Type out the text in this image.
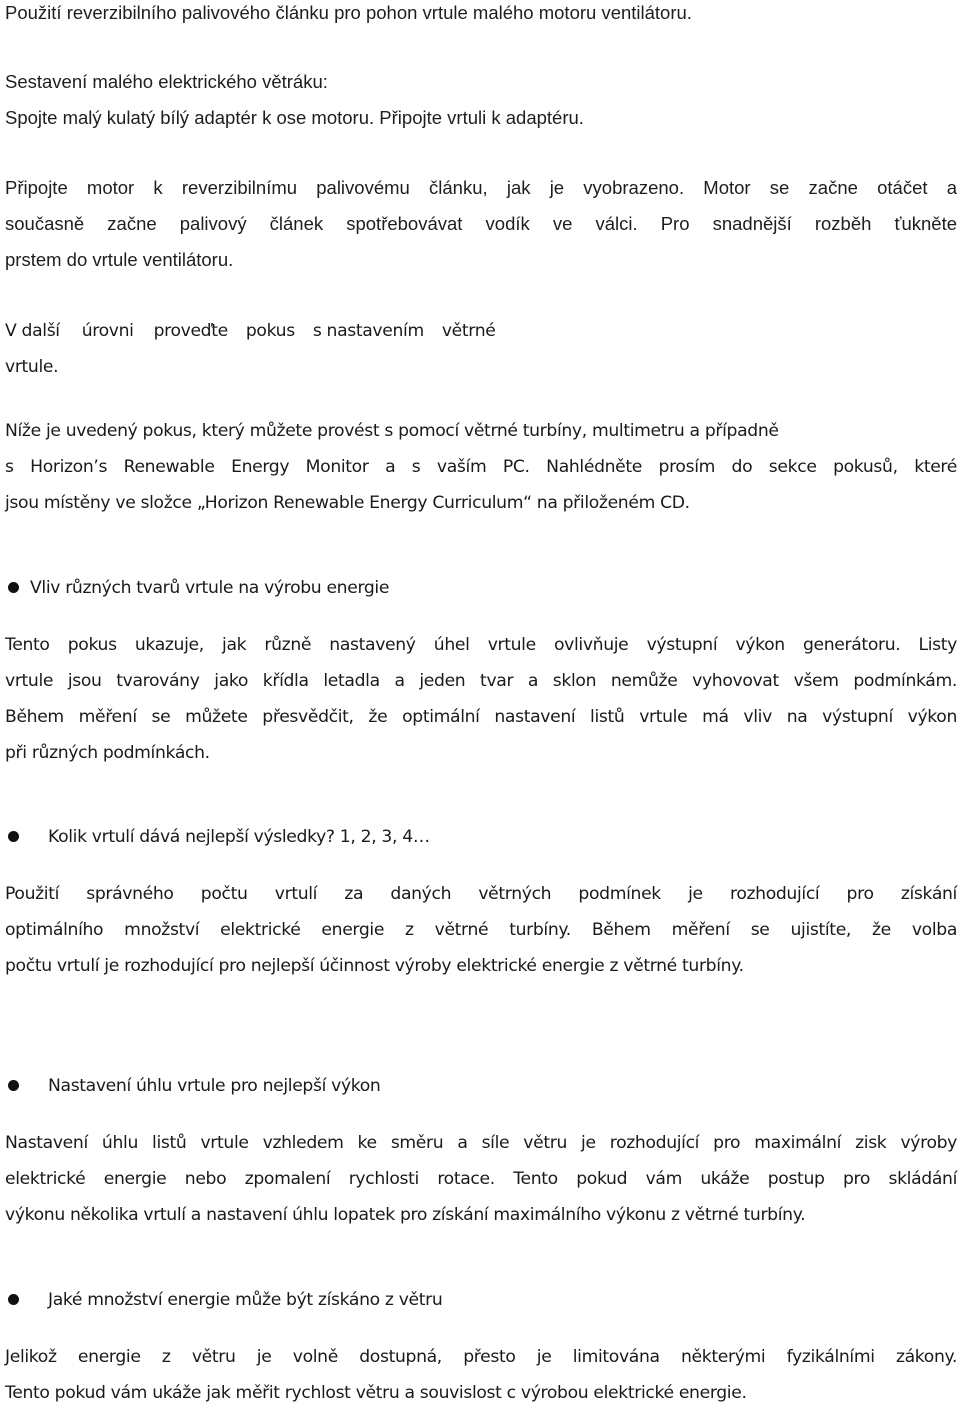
Použití reverzibilního palivového článku pro pohon vrtule malého motoru ventilátoru.
Sestavení malého elektrického větráku:
Spojte malý kulatý bílý adaptér k ose motoru. Připojte vrtuli k adaptéru.
Připojte motor k reverzibilnímu palivovému článku, jak je vyobrazeno. Motor se začne otáčet a
současně začne palivový článek spotřebovávat vodík ve válci. Pro snadnější rozběh ťukněte
prstem do vrtule ventilátoru.
V další úrovni proveďte pokus s nastavením větrné
vrtule.
Níže je uvedený pokus, který můžete provést s pomocí větrné turbíny, multimetru a případně
s Horizon’s Renewable Energy Monitor a s vaším PC. Nahlédněte prosím do sekce pokusů, které
jsou místěny ve složce „Horizon Renewable Energy Curriculum“ na přiloženém CD.
Vliv různých tvarů vrtule na výrobu energie
Tento pokus ukazuje, jak různě nastavený úhel vrtule ovlivňuje výstupní výkon generátoru. Listy
vrtule jsou tvarovány jako křídla letadla a jeden tvar a sklon nemůže vyhovovat všem podmínkám.
Během měření se můžete přesvědčit, že optimální nastavení listů vrtule má vliv na výstupní výkon
při různých podmínkách.
Kolik vrtulí dává nejlepší výsledky? 1, 2, 3, 4…
Použití správného počtu vrtulí za daných větrných podmínek je rozhodující pro získání
optimálního množství elektrické energie z větrné turbíny. Během měření se ujistíte, že volba
počtu vrtulí je rozhodující pro nejlepší účinnost výroby elektrické energie z větrné turbíny.
Nastavení úhlu vrtule pro nejlepší výkon
Nastavení úhlu listů vrtule vzhledem ke směru a síle větru je rozhodující pro maximální zisk výroby
elektrické energie nebo zpomalení rychlosti rotace. Tento pokud vám ukáže postup pro skládání
výkonu několika vrtulí a nastavení úhlu lopatek pro získání maximálního výkonu z větrné turbíny.
Jaké množství energie může být získáno z větru
Jelikož energie z větru je volně dostupná, přesto je limitována některými fyzikálními zákony.
Tento pokud vám ukáže jak měřit rychlost větru a souvislost c výrobou elektrické energie.
